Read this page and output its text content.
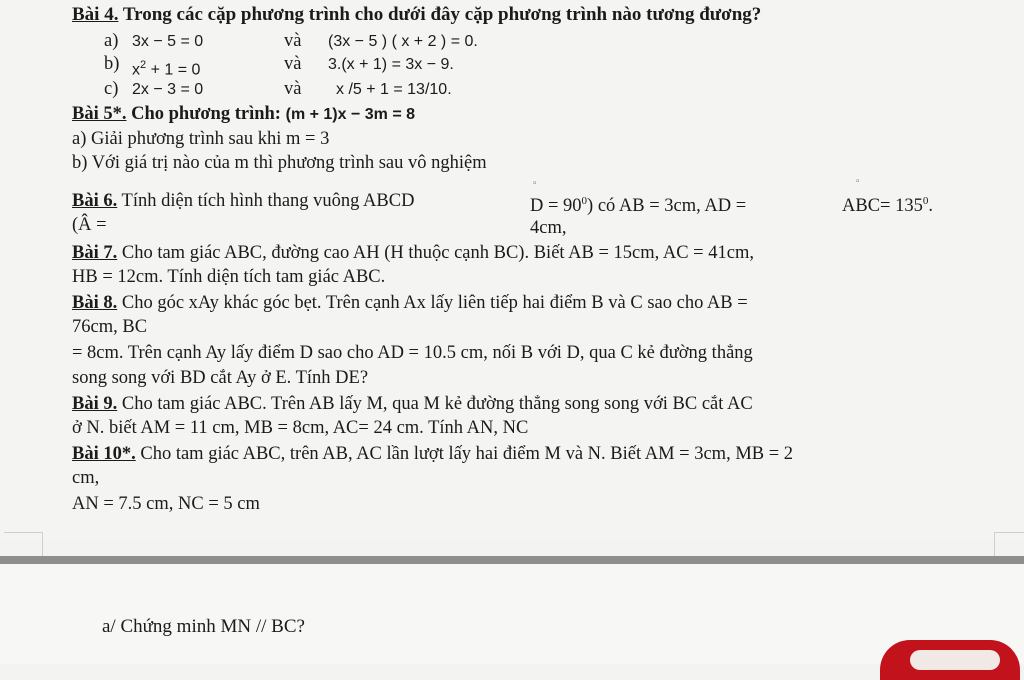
Bài 4. Trong các cặp phương trình cho dưới đây cặp phương trình nào tương đương?
a) 3x − 5 = 0	và (3x − 5 ) ( x + 2 ) = 0.
b) $x^2 + 1 = 0$	và 3.(x + 1) = 3x − 9.
c) 2x − 3 = 0	và x /5 + 1 = 13/10.
Bài 5*. Cho phương trình: (m + 1)x − 3m = 8
a) Giải phương trình sau khi m = 3
b) Với giá trị nào của m thì phương trình sau vô nghiệm
Bài 6. Tính diện tích hình thang vuông ABCD
▫
$D = 90^0$) có AB = 3cm, AD =
▫
$ABC= 135^0$.
(Â =	4cm,
Bài 7. Cho tam giác ABC, đường cao AH (H thuộc cạnh BC). Biết AB = 15cm, AC = 41cm,
HB = 12cm. Tính diện tích tam giác ABC.
Bài 8. Cho góc xAy khác góc bẹt. Trên cạnh Ax lấy liên tiếp hai điểm B và C sao cho AB =
76cm, BC
= 8cm. Trên cạnh Ay lấy điểm D sao cho AD = 10.5 cm, nối B với D, qua C kẻ đường thẳng
song song với BD cắt Ay ở E. Tính DE?
Bài 9. Cho tam giác ABC. Trên AB lấy M, qua M kẻ đường thẳng song song với BC cắt AC
ở N. biết AM = 11 cm, MB = 8cm, AC= 24 cm. Tính AN, NC
Bài 10*. Cho tam giác ABC, trên AB, AC lần lượt lấy hai điểm M và N. Biết AM = 3cm, MB = 2
cm,
AN = 7.5 cm, NC = 5 cm
a/ Chứng minh MN // BC?
